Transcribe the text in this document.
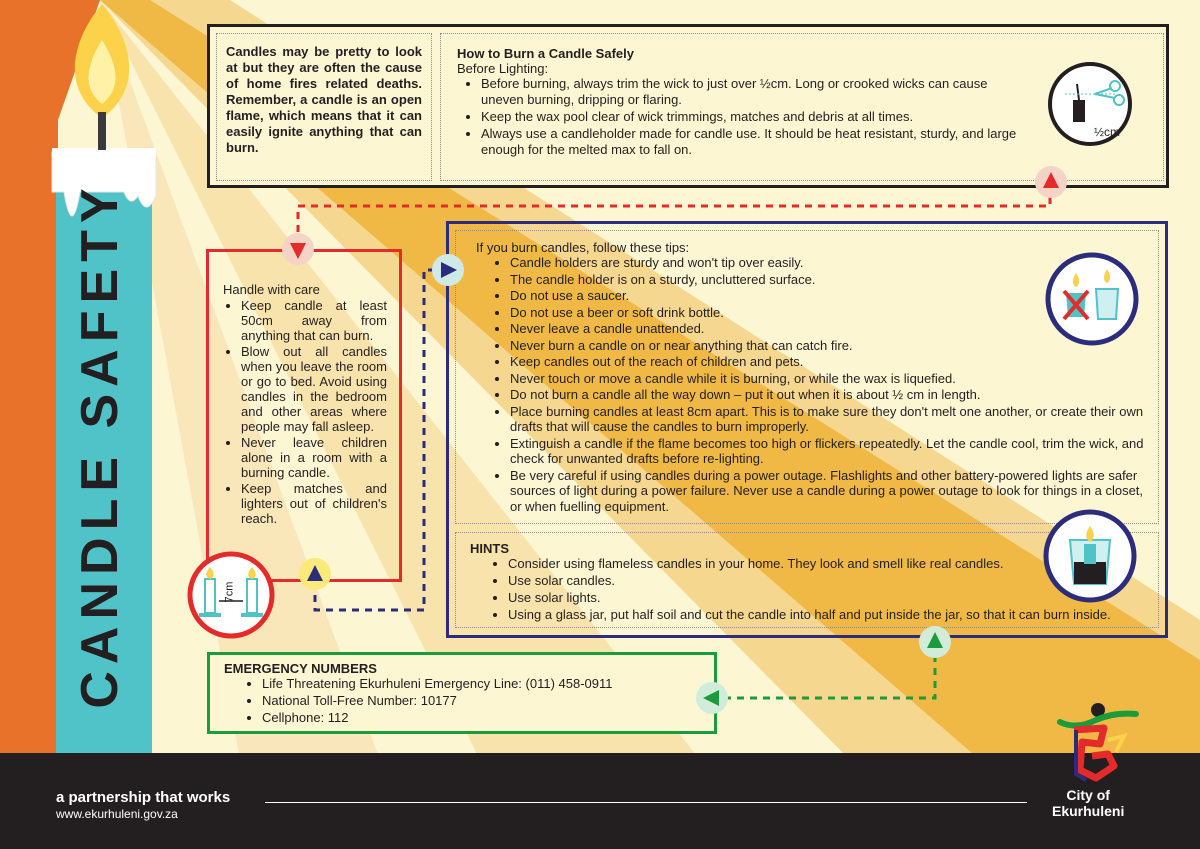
CANDLE SAFETY
Candles may be pretty to look at but they are often the cause of home fires related deaths. Remember, a candle is an open flame, which means that it can easily ignite anything that can burn.
How to Burn a Candle Safely
Before Lighting:
• Before burning, always trim the wick to just over ½cm. Long or crooked wicks can cause uneven burning, dripping or flaring.
• Keep the wax pool clear of wick trimmings, matches and debris at all times.
• Always use a candleholder made for candle use. It should be heat resistant, sturdy, and large enough for the melted max to fall on.
½cm
Handle with care
• Keep candle at least 50cm away from anything that can burn.
• Blow out all candles when you leave the room or go to bed. Avoid using candles in the bedroom and other areas where people may fall asleep.
• Never leave children alone in a room with a burning candle.
• Keep matches and lighters out of children's reach.
7cm
If you burn candles, follow these tips:
• Candle holders are sturdy and won't tip over easily.
• The candle holder is on a sturdy, uncluttered surface.
• Do not use a saucer.
• Do not use a beer or soft drink bottle.
• Never leave a candle unattended.
• Never burn a candle on or near anything that can catch fire.
• Keep candles out of the reach of children and pets.
• Never touch or move a candle while it is burning, or while the wax is liquefied.
• Do not burn a candle all the way down – put it out when it is about ½ cm in length.
• Place burning candles at least 8cm apart. This is to make sure they don't melt one another, or create their own drafts that will cause the candles to burn improperly.
• Extinguish a candle if the flame becomes too high or flickers repeatedly. Let the candle cool, trim the wick, and check for unwanted drafts before re-lighting.
• Be very careful if using candles during a power outage. Flashlights and other battery-powered lights are safer sources of light during a power failure. Never use a candle during a power outage to look for things in a closet, or when fuelling equipment.
HINTS
• Consider using flameless candles in your home. They look and smell like real candles.
• Use solar candles.
• Use solar lights.
• Using a glass jar, put half soil and cut the candle into half and put inside the jar, so that it can burn inside.
EMERGENCY NUMBERS
• Life Threatening Ekurhuleni Emergency Line: (011) 458-0911
• National Toll-Free Number: 10177
• Cellphone: 112
a partnership that works
www.ekurhuleni.gov.za
City of
Ekurhuleni
